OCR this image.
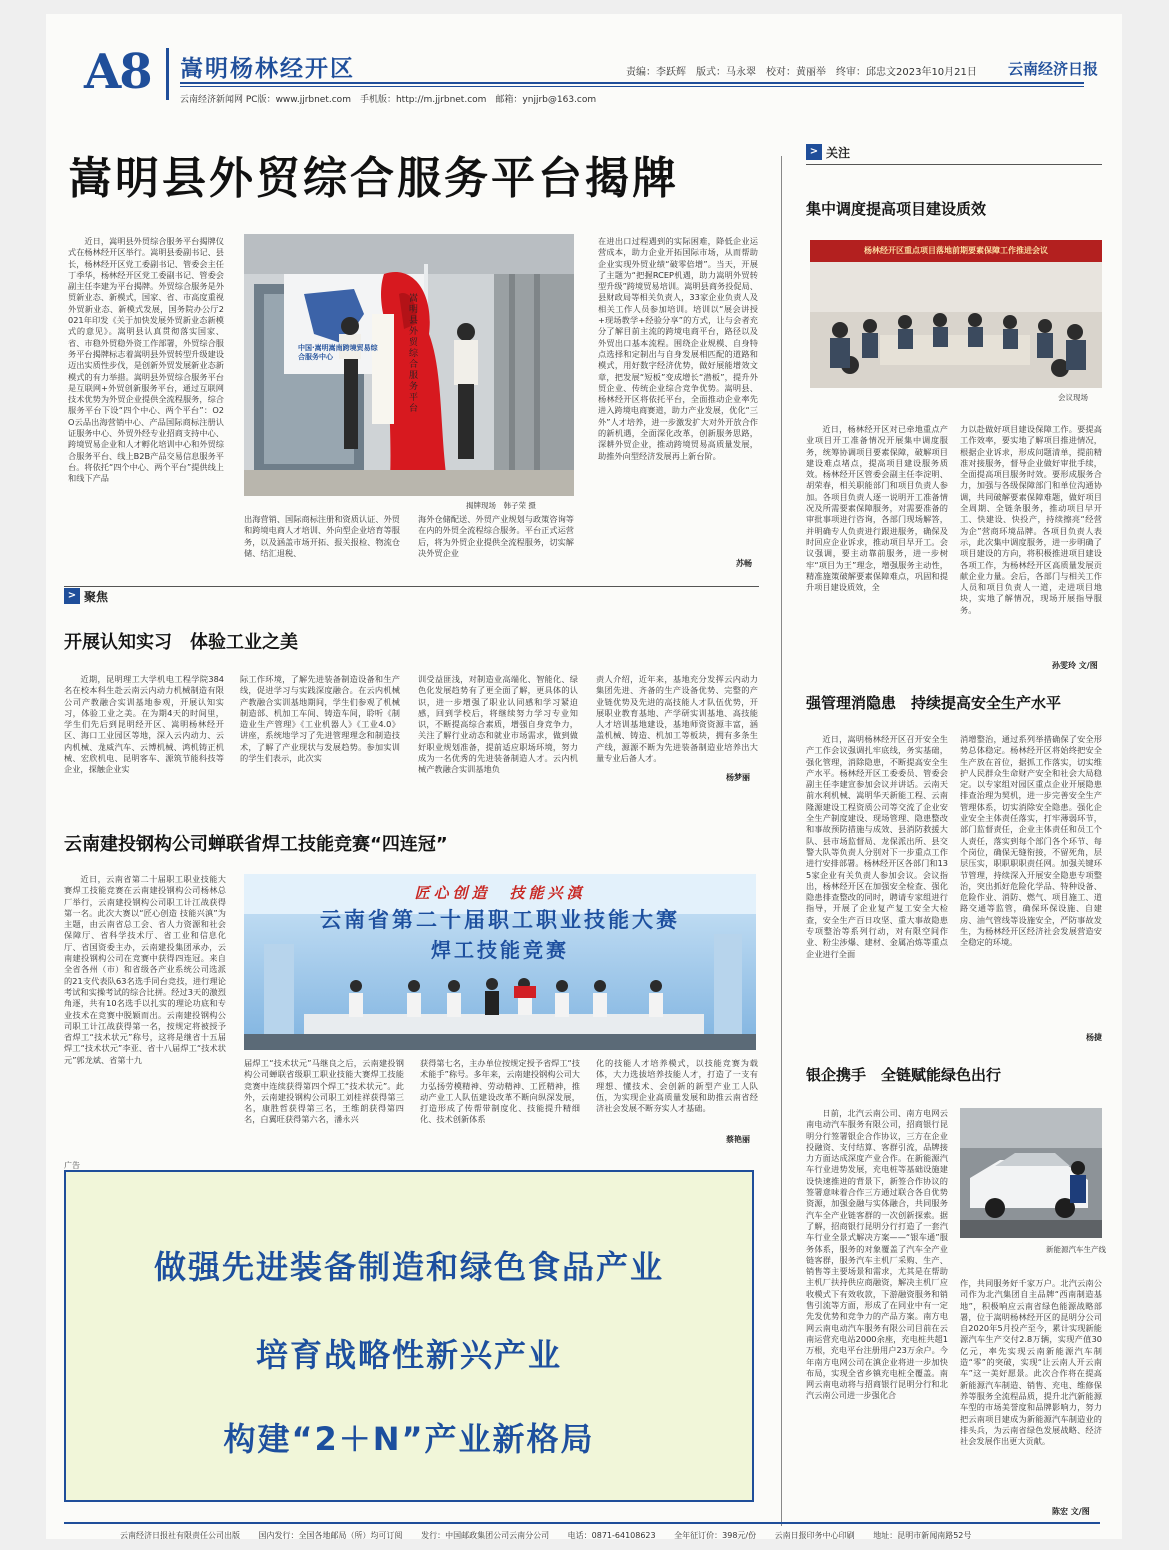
A8 嵩明杨林经开区	责编：李跃辉　版式：马永翠　校对：黄丽举　终审：邱忠文 2023年10月21日 云南经济日报
云南经济新闻网 PC版：www.jjrbnet.com　手机版：http://m.jjrbnet.com　邮箱：ynjjrb@163.com
嵩明县外贸综合服务平台揭牌

近日，嵩明县外贸综合服务平台揭牌仪式在杨林经开区举行。嵩明县委副书记、县长，杨林经开区党工委副书记、管委会主任丁季华，杨林经开区党工委副书记、管委会副主任李建为平台揭牌。外贸综合服务是外贸新业态、新模式，国家、省、市高度重视外贸新业态、新模式发展，国务院办公厅2021年印发《关于加快发展外贸新业态新模式的意见》。嵩明县认真贯彻落实国家、省、市稳外贸稳外资工作部署，外贸综合服务平台揭牌标志着嵩明县外贸转型升级建设迈出实质性步伐，是创新外贸发展新业态新模式的有力举措。嵩明县外贸综合服务平台是互联网+外贸创新服务平台，通过互联网技术优势为外贸企业提供全流程服务，综合服务平台下设“四个中心、两个平台”：O2O云品出海营销中心、产品国际商标注册认证服务中心、外贸外经专业招商支持中心、跨境贸易企业和人才孵化培训中心和外贸综合服务平台、线上B2B产品交易信息服务平台。将依托“四个中心、两个平台”提供线上和线下产品

中国·嵩明嵩南跨境贸易综合服务中心
嵩明县外贸综合服务平台
揭牌现场　韩子荣 摄

出海营销、国际商标注册和资质认证、外贸和跨境电商人才培训、外向型企业培育等服务，以及涵盖市场开拓、报关报检、物流仓储、结汇退税、

海外仓储配送、外贸产业规划与政策咨询等在内的外贸全流程综合服务。平台正式运营后，将为外贸企业提供全流程服务，切实解决外贸企业

在进出口过程遇到的实际困难，降低企业运营成本，助力企业开拓国际市场，从而帮助企业实现外贸业绩“破零倍增”。当天，开展了主题为“把握RCEP机遇，助力嵩明外贸转型升级”跨境贸易培训。嵩明县商务投促局、县财政局等相关负责人，33家企业负责人及相关工作人员参加培训。培训以“展会讲授+现场教学+经验分享”的方式，让与会者充分了解目前主流的跨境电商平台，路径以及外贸出口基本流程。围绕企业规模、自身特点选择和定制出与自身发展相匹配的道路和模式，用好数字经济优势，做好展能增效文章，把发展“短板”变成增长“潜板”，提升外贸企业、传统企业综合竞争优势。嵩明县、杨林经开区将依托平台，全面推动企业率先进入跨境电商赛道，助力产业发展，优化“三外”人才培养，进一步激发扩大对外开放合作的新机遇，全面深化改革，创新服务思路，深耕外贸企业，推动跨境贸易高质量发展，助推外向型经济发展再上新台阶。

苏畅
> 聚焦
开展认知实习　体验工业之美

近期，昆明理工大学机电工程学院384名在校本科生赴云南云内动力机械制造有限公司产教融合实训基地参观，开展认知实习，体验工业之美。在为期4天的时间里，学生们先后到昆明经开区、嵩明杨林经开区、海口工业园区等地，深入云内动力、云内机械、尨威汽车、云博机械、鸿机铸正机械、宏欣机电、昆明客车、源筑节能科技等企业，探触企业实

际工作环境，了解先进装备制造设备和生产线，促进学习与实践深度融合。在云内机械产教融合实训基地期间，学生们参观了机械制造部、机加工车间、铸造车间，聆听《制造业生产管理》《工业机器人》《工业4.0》讲座，系统地学习了先进管理理念和制造技术，了解了产业现状与发展趋势。参加实训的学生们表示，此次实

训受益匪浅，对制造业高端化、智能化、绿色化发展趋势有了更全面了解，更具体的认识，进一步增强了职业认同感和学习紧迫感，回到学校后，将继续努力学习专业知识，不断提高综合素质，增强自身竞争力，关注了解行业动态和就业市场需求，做到做好职业规划准备，提前适应职场环境，努力成为一名优秀的先进装备制造人才。云内机械产教融合实训基地负

责人介绍，近年来，基地充分发挥云内动力集团先进、齐备的生产设备优势、完整的产业链优势及先进的高技能人才队伍优势，开展职业教育基地、产学研实训基地、高技能人才培训基地建设，基地师资资源丰富，涵盖机械、铸造、机加工等板块，拥有多条生产线，源源不断为先进装备制造业培养出大量专业后备人才。

杨梦丽
云南建投钢构公司蝉联省焊工技能竞赛“四连冠”

近日，云南省第二十届职工职业技能大赛焊工技能竞赛在云南建投钢构公司杨林总厂举行，云南建投钢构公司职工计江战获得第一名。此次大赛以“匠心创造 技能兴滇”为主题，由云南省总工会、省人力资源和社会保障厅、省科学技术厅、省工业和信息化厅、省国资委主办，云南建投集团承办，云南建投钢构公司在竞赛中获得四连冠。来自全省各州（市）和省级各产业系统公司选派的21支代表队63名选手同台竞技，进行理论考试和实操考试的综合比拼。经过3天的激烈角逐，共有10名选手以扎实的理论功底和专业技术在竞赛中脱颖而出。云南建投钢构公司职工计江战获得第一名，按规定将被授予省焊工“技术状元”称号，这将是继省十五届焊工“技术状元”李亚、省十八届焊工“技术状元”郭龙斌、省第十九

匠心创造　技能兴滇
云南省第二十届职工职业技能大赛
焊工技能竞赛

届焊工“技术状元”马继良之后，云南建投钢构公司蝉联省级职工职业技能大赛焊工技能竞赛中连续获得第四个焊工“技术状元”。此外，云南建投钢构公司职工刘桂祥获得第三名，康胜哲获得第三名，王维朗获得第四名，白翼旺获得第六名，潘永兴

获得第七名，主办单位按规定授予省焊工“技术能手”称号。多年来，云南建投钢构公司大力弘扬劳模精神、劳动精神、工匠精神，推动产业工人队伍建设改革不断向纵深发展，打造形成了传帮带制度化、技能提升精细化、技术创新体系

化的技能人才培养模式，以技能竞赛为载体，大力选拔培养技能人才，打造了一支有理想、懂技术、会创新的新型产业工人队伍，为实现企业高质量发展和助推云南省经济社会发展不断夯实人才基础。

蔡艳丽
广告
做强先进装备制造和绿色食品产业
培育战略性新兴产业
构建“2＋N”产业新格局
> 关注
集中调度提高项目建设质效
杨林经开区重点项目落地前期要素保障工作推进会议
会议现场

近日，杨林经开区对已牵地重点产业项目开工准备情况开展集中调度服务，统筹协调项目要素保障，破解项目建设难点堵点，提高项目建设服务质效。杨林经开区管委会副主任李淀明、胡荣春，相关职能部门和项目负责人参加。各项目负责人逐一说明开工准备情况及所需要素保障服务，对需要准备的审批事项进行咨询，各部门现场解答，并明确专人负责进行跟进服务，确保及时回应企业诉求，推动项目早开工。会议强调，要主动靠前服务，进一步树牢“项目为王”理念，增强服务主动性，精准施策破解要素保障难点，巩固和提升项目建设质效，全

力以赴做好项目建设保障工作。要提高工作效率，要实地了解项目推进情况，根据企业诉求，形成问题清单，提前精准对接服务，督导企业做好审批手续，全面提高项目服务时效。要形成服务合力，加强与各级保障部门和单位沟通协调，共同破解要素保障难题，做好项目全周期、全链条服务，推动项目早开工、快建设、快投产，持续擦亮“经营为企”营商环境品牌。各项目负责人表示，此次集中调度服务，进一步明确了项目建设的方向，将积极推进项目建设各项工作，为杨林经开区高质量发展贡献企业力量。会后，各部门与相关工作人员和项目负责人一道，走进项目地块，实地了解情况，现场开展指导服务。

孙雯玲 文/图
强管理消隐患　持续提高安全生产水平

近日，嵩明杨林经开区召开安全生产工作会议强调扎牢底线，务实基础，强化管理，消除隐患，不断提高安全生产水平。杨林经开区工委委员、管委会副主任李建宣参加会议并讲话。云南天前水利机械、嵩明华天新能工程、云南隆源建设工程资质公司等交流了企业安全生产制度建设、现场管理、隐患整改和事故预防措施与成效、县消防救援大队、县市场监督局、龙保派出所、县交警大队等负责人分别对下一步重点工作进行安排部署。杨林经开区各部门和135家企业有关负责人参加会议。会议指出，杨林经开区在加强安全检查、强化隐患排查整改的同时，聘请专家组进行指导，开展了企业复产复工安全大检查，安全生产百日攻坚、重大事故隐患专项整治等系列行动，对有限空间作业、粉尘涉爆、建材、金属冶炼等重点企业进行全面

消增整治，通过系列举措确保了安全形势总体稳定。杨林经开区将始终把安全生产放在首位，据抓工作落实，切实维护人民群众生命财产安全和社会大局稳定。以专家组对园区重点企业开展隐患排查治理为契机，进一步完善安全生产管理体系，切实消除安全隐患。强化企业安全主体责任落实，打牢薄弱环节，部门监督责任，企业主体责任和员工个人责任，落实到每个部门各个环节、每个岗位，确保无缝衔接，不留死角，层层压实，职职职职责任网。加强关键环节管理，持续深入开展安全隐患专项整治，突出抓好危险化学品、特种设备、危险作业、消防、燃气、项目施工、道路交通等监管，确保环保设施、自建房、油气管线等设施安全，严防事故发生，为杨林经开区经济社会发展营造安全稳定的环境。

杨捷
银企携手　全链赋能绿色出行

日前，北汽云南公司、南方电网云南电动汽车服务有限公司，招商银行昆明分行签署银企合作协议，三方在企业投融资、支付结算、客群引流，品牌接力方面达成深度产业合作。在新能源汽车行业进势发展，充电桩等基础设施建设快速推进的背景下，新签合作协议的签署意味着合作三方通过联合各自优势资源，加强金融与实体融合，共同服务汽车全产业链客群的一次创新探索。据了解，招商银行昆明分行打造了一套汽车行业全景式解决方案——“银车通”服务体系，服务的对象覆盖了汽车全产业链客群，服务汽车主机厂采购、生产、销售等主要场景和需求，尤其是在帮助主机厂扶持供应商融资，解决主机厂应收模式下有效收款，下游融资服务和销售引流等方面，形成了在同业中有一定先发优势和竞争力的产品方案。南方电网云南电动汽车服务有限公司目前在云南运营充电站2000余座，充电桩共超1万根，充电平台注册用户23万余户。今年南方电网公司在滇企业将进一步加快布局，实现全省乡镇充电桩全覆盖。南网云南电动将与招商银行昆明分行和北汽云南公司进一步强化合

新能源汽车生产线

作，共同服务好千家万户。北汽云南公司作为北汽集团自主品牌“西南制造基地”，积极响应云南省绿色能源战略部署，位于嵩明杨林经开区的昆明分公司自2020年5月投产至今，累计实现新能源汽车生产交付2.8万辆，实现产值30亿元，率先实现云南新能源汽车制造“零”的突破，实现“让云南人开云南车”这一美好愿景。此次合作将在提高新能源汽车制造、销售、充电、维修保养等服务全流程品质，提升北汽新能源车型的市场美誉度和品牌影响力，努力把云南项目建成为新能源汽车制造业的排头兵，为云南省绿色发展战略、经济社会发展作出更大贡献。

陈宏 文/图
云南经济日报社有限责任公司出版　　 国内发行：全国各地邮局（所）均可订阅　　 发行：中国邮政集团公司云南分公司　　 电话：0871-64108623　　 全年征订价：398元/份　　 云南日报印务中心印刷　　 地址：昆明市新闻南路52号
